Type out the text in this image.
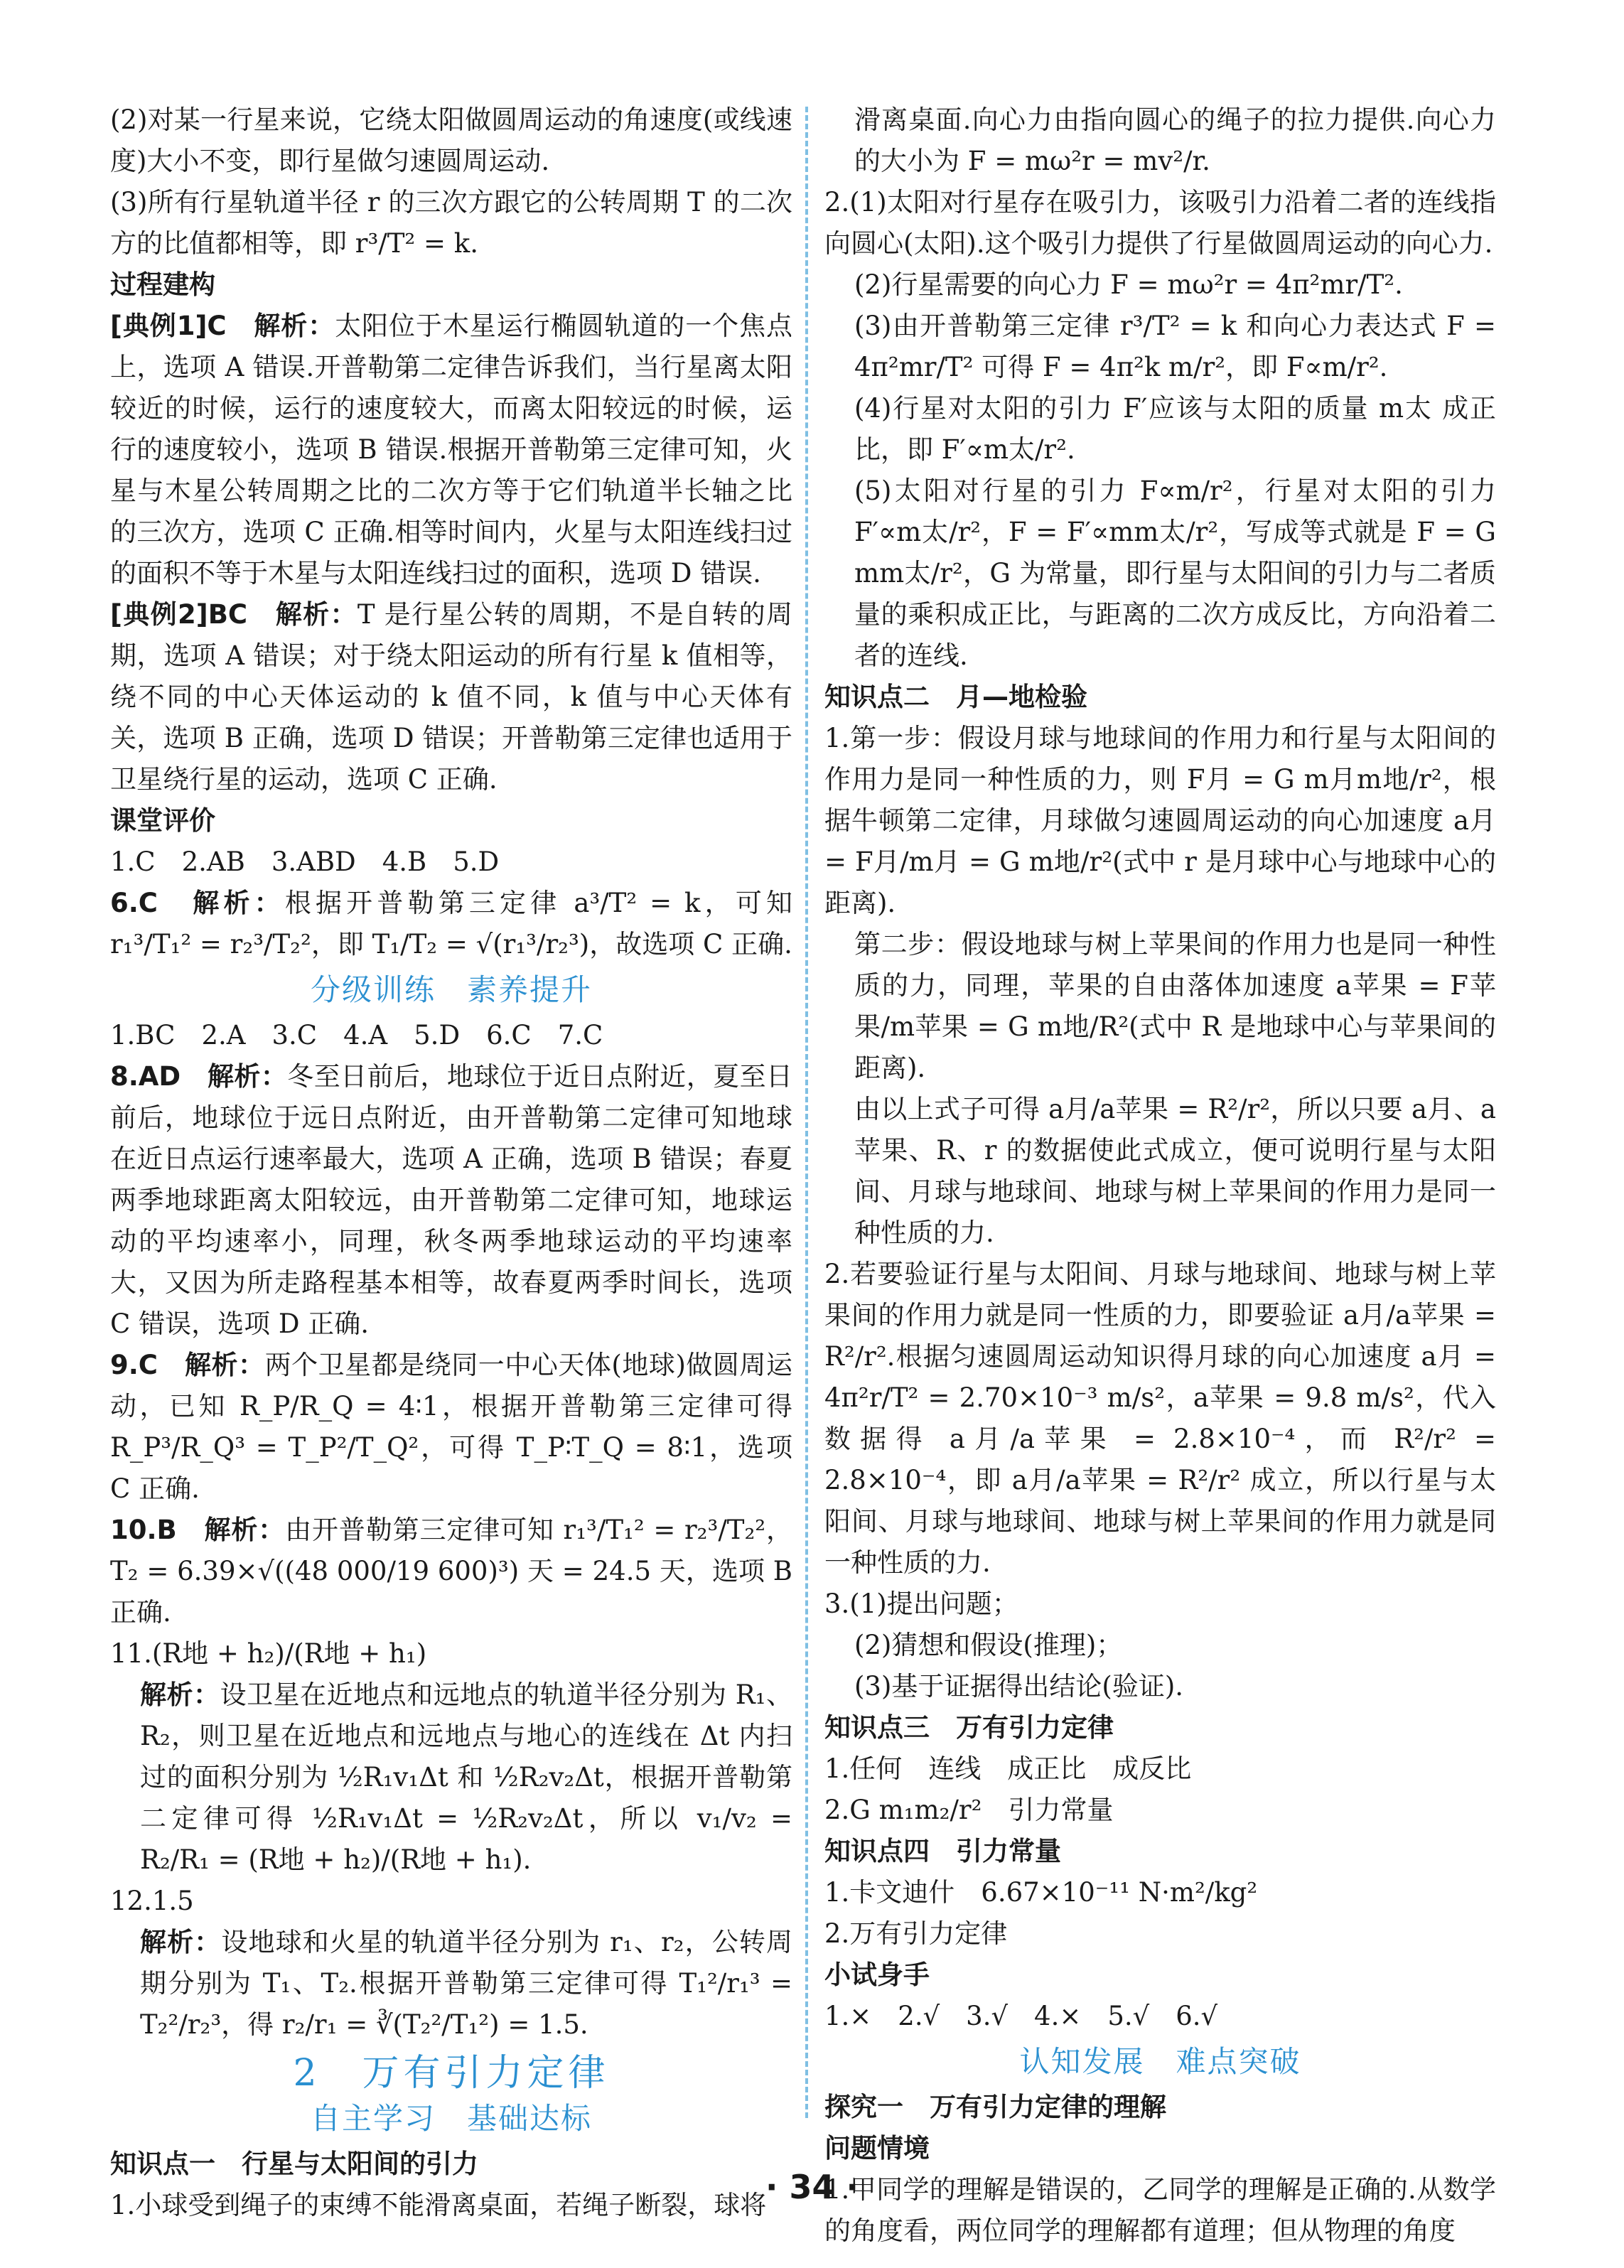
(2)对某一行星来说，它绕太阳做圆周运动的角速度(或线速度)大小不变，即行星做匀速圆周运动.

(3)所有行星轨道半径 r 的三次方跟它的公转周期 T 的二次方的比值都相等，即 r³/T² = k.

过程建构

[典例1]C　解析：太阳位于木星运行椭圆轨道的一个焦点上，选项 A 错误.开普勒第二定律告诉我们，当行星离太阳较近的时候，运行的速度较大，而离太阳较远的时候，运行的速度较小，选项 B 错误.根据开普勒第三定律可知，火星与木星公转周期之比的二次方等于它们轨道半长轴之比的三次方，选项 C 正确.相等时间内，火星与太阳连线扫过的面积不等于木星与太阳连线扫过的面积，选项 D 错误.

[典例2]BC　解析：T 是行星公转的周期，不是自转的周期，选项 A 错误；对于绕太阳运动的所有行星 k 值相等，绕不同的中心天体运动的 k 值不同，k 值与中心天体有关，选项 B 正确，选项 D 错误；开普勒第三定律也适用于卫星绕行星的运动，选项 C 正确.

课堂评价

1.C　2.AB　3.ABD　4.B　5.D

6.C　解析：根据开普勒第三定律 a³/T² = k，可知 r₁³/T₁² = r₂³/T₂²，即 T₁/T₂ = √(r₁³/r₂³)，故选项 C 正确.

分级训练　素养提升

1.BC　2.A　3.C　4.A　5.D　6.C　7.C

8.AD　解析：冬至日前后，地球位于近日点附近，夏至日前后，地球位于远日点附近，由开普勒第二定律可知地球在近日点运行速率最大，选项 A 正确，选项 B 错误；春夏两季地球距离太阳较远，由开普勒第二定律可知，地球运动的平均速率小，同理，秋冬两季地球运动的平均速率大，又因为所走路程基本相等，故春夏两季时间长，选项 C 错误，选项 D 正确.

9.C　解析：两个卫星都是绕同一中心天体(地球)做圆周运动，已知 R_P/R_Q = 4∶1，根据开普勒第三定律可得 R_P³/R_Q³ = T_P²/T_Q²，可得 T_P∶T_Q = 8∶1，选项 C 正确.

10.B　解析：由开普勒第三定律可知 r₁³/T₁² = r₂³/T₂²，T₂ = 6.39×√((48 000/19 600)³) 天 = 24.5 天，选项 B 正确.

11.(R地 + h₂)/(R地 + h₁)

解析：设卫星在近地点和远地点的轨道半径分别为 R₁、R₂，则卫星在近地点和远地点与地心的连线在 Δt 内扫过的面积分别为 ½R₁v₁Δt 和 ½R₂v₂Δt，根据开普勒第二定律可得 ½R₁v₁Δt = ½R₂v₂Δt，所以 v₁/v₂ = R₂/R₁ = (R地 + h₂)/(R地 + h₁).

12.1.5

解析：设地球和火星的轨道半径分别为 r₁、r₂，公转周期分别为 T₁、T₂.根据开普勒第三定律可得 T₁²/r₁³ = T₂²/r₂³，得 r₂/r₁ = ∛(T₂²/T₁²) = 1.5.

2　万有引力定律

自主学习　基础达标

知识点一　行星与太阳间的引力

1.小球受到绳子的束缚不能滑离桌面，若绳子断裂，球将

滑离桌面.向心力由指向圆心的绳子的拉力提供.向心力的大小为 F = mω²r = mv²/r.

2.(1)太阳对行星存在吸引力，该吸引力沿着二者的连线指向圆心(太阳).这个吸引力提供了行星做圆周运动的向心力.

(2)行星需要的向心力 F = mω²r = 4π²mr/T².

(3)由开普勒第三定律 r³/T² = k 和向心力表达式 F = 4π²mr/T² 可得 F = 4π²k m/r²，即 F∝m/r².

(4)行星对太阳的引力 F′应该与太阳的质量 m太 成正比，即 F′∝m太/r².

(5)太阳对行星的引力 F∝m/r²，行星对太阳的引力 F′∝m太/r²，F = F′∝mm太/r²，写成等式就是 F = G mm太/r²，G 为常量，即行星与太阳间的引力与二者质量的乘积成正比，与距离的二次方成反比，方向沿着二者的连线.

知识点二　月—地检验

1.第一步：假设月球与地球间的作用力和行星与太阳间的作用力是同一种性质的力，则 F月 = G m月m地/r²，根据牛顿第二定律，月球做匀速圆周运动的向心加速度 a月 = F月/m月 = G m地/r²(式中 r 是月球中心与地球中心的距离).

第二步：假设地球与树上苹果间的作用力也是同一种性质的力，同理，苹果的自由落体加速度 a苹果 = F苹果/m苹果 = G m地/R²(式中 R 是地球中心与苹果间的距离).

由以上式子可得 a月/a苹果 = R²/r²，所以只要 a月、a苹果、R、r 的数据使此式成立，便可说明行星与太阳间、月球与地球间、地球与树上苹果间的作用力是同一种性质的力.

2.若要验证行星与太阳间、月球与地球间、地球与树上苹果间的作用力就是同一性质的力，即要验证 a月/a苹果 = R²/r².根据匀速圆周运动知识得月球的向心加速度 a月 = 4π²r/T² = 2.70×10⁻³ m/s²，a苹果 = 9.8 m/s²，代入数据得 a月/a苹果 = 2.8×10⁻⁴，而 R²/r² = 2.8×10⁻⁴，即 a月/a苹果 = R²/r² 成立，所以行星与太阳间、月球与地球间、地球与树上苹果间的作用力就是同一种性质的力.

3.(1)提出问题；

(2)猜想和假设(推理)；

(3)基于证据得出结论(验证).

知识点三　万有引力定律

1.任何　连线　成正比　成反比

2.G m₁m₂/r²　引力常量

知识点四　引力常量

1.卡文迪什　6.67×10⁻¹¹ N·m²/kg²

2.万有引力定律

小试身手

1.×　2.√　3.√　4.×　5.√　6.√

认知发展　难点突破

探究一　万有引力定律的理解
问题情境

1.甲同学的理解是错误的，乙同学的理解是正确的.从数学的角度看，两位同学的理解都有道理；但从物理的角度

· 34 ·
